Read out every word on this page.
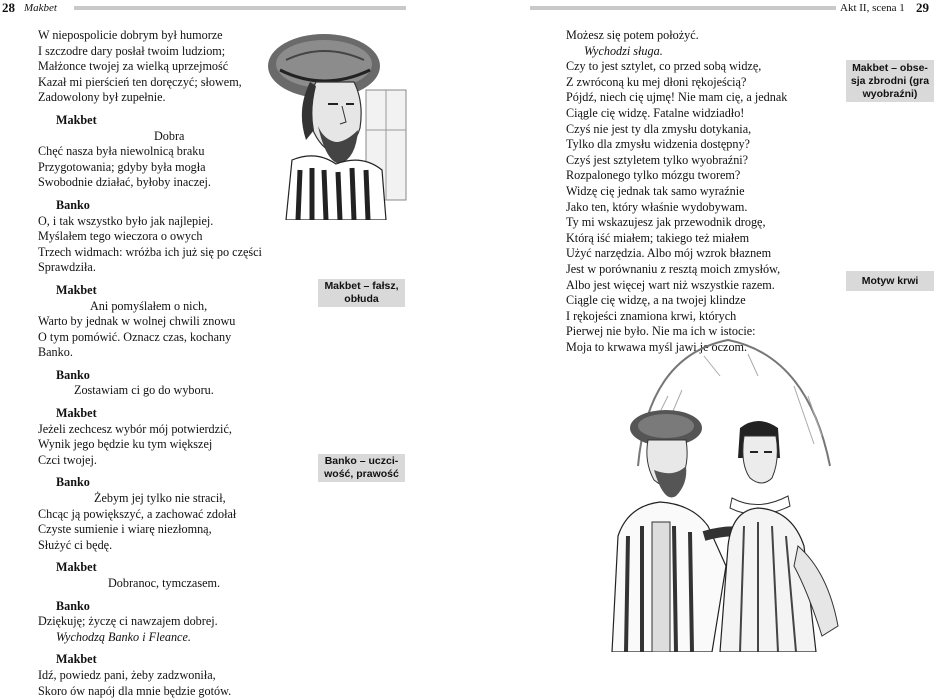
28 Makbet
W niepospolicie dobrym był humorze
I szczodre dary posłał twoim ludziom;
Małżonce twojej za wielką uprzejmość
Kazał mi pierścień ten doręczyć; słowem,
Zadowolony był zupełnie.
Makbet
Dobra
Chęć nasza była niewolnicą braku
Przygotowania; gdyby była mogła
Swobodnie działać, byłoby inaczej.
Banko
O, i tak wszystko było jak najlepiej.
Myślałem tego wieczora o owych
Trzech widmach: wróżba ich już się po części
Sprawdziła.
Makbet
Ani pomyślałem o nich,
Warto by jednak w wolnej chwili znowu
O tym pomówić. Oznacz czas, kochany
Banko.
Banko
Zostawiam ci go do wyboru.
Makbet
Jeżeli zechcesz wybór mój potwierdzić,
Wynik jego będzie ku tym większej
Czci twojej.
Banko
Żebym jej tylko nie stracił,
Chcąc ją powiększyć, a zachować zdołał
Czyste sumienie i wiarę niezłomną,
Służyć ci będę.
Makbet
Dobranoc, tymczasem.
Banko
Dziękuję; życzę ci nawzajem dobrej.
Wychodzą Banko i Fleance.
Makbet
Idź, powiedz pani, żeby zadzwoniła,
Skoro ów napój dla mnie będzie gotów.
Makbet – fałsz,
obłuda
Banko – uczci-
wość, prawość
Akt II, scena 1 29
Możesz się potem położyć.
Wychodzi sługa.
Czy to jest sztylet, co przed sobą widzę,
Z zwróconą ku mej dłoni rękojeścią?
Pójdź, niech cię ujmę! Nie mam cię, a jednak
Ciągle cię widzę. Fatalne widziadło!
Czyś nie jest ty dla zmysłu dotykania,
Tylko dla zmysłu widzenia dostępny?
Czyś jest sztyletem tylko wyobraźni?
Rozpalonego tylko mózgu tworem?
Widzę cię jednak tak samo wyraźnie
Jako ten, który właśnie wydobywam.
Ty mi wskazujesz jak przewodnik drogę,
Którą iść miałem; takiego też miałem
Użyć narzędzia. Albo mój wzrok błaznem
Jest w porównaniu z resztą moich zmysłów,
Albo jest więcej wart niż wszystkie razem.
Ciągle cię widzę, a na twojej klindze
I rękojeści znamiona krwi, których
Pierwej nie było. Nie ma ich w istocie:
Moja to krwawa myśl jawi je oczom.
Makbet – obse-
sja zbrodni (gra
wyobraźni)
Motyw krwi
